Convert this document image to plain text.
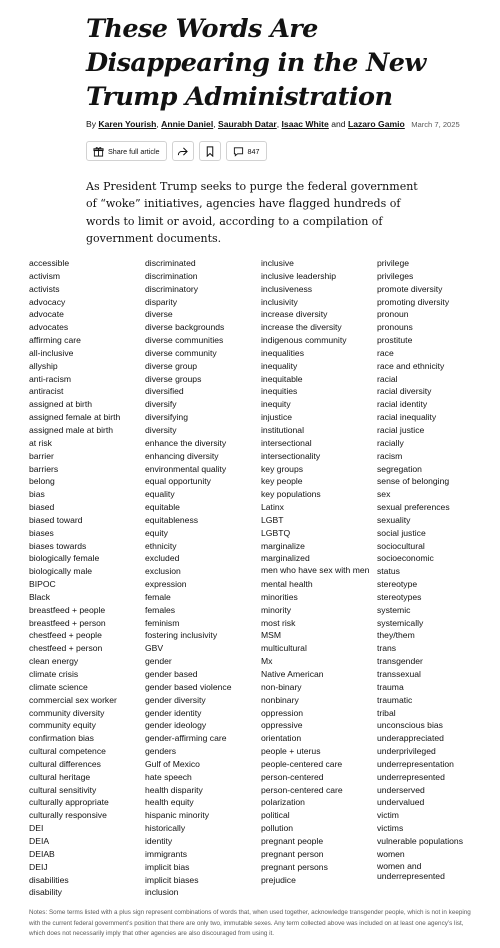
These Words Are Disappearing in the New Trump Administration
By Karen Yourish, Annie Daniel, Saurabh Datar, Isaac White and Lazaro Gamio March 7, 2025
Share full article	847

As President Trump seeks to purge the federal government of “woke” initiatives, agencies have flagged hundreds of words to limit or avoid, according to a compilation of government documents.

accessible
activism
activists
advocacy
advocate
advocates
affirming care
all-inclusive
allyship
anti-racism
antiracist
assigned at birth
assigned female at birth
assigned male at birth
at risk
barrier
barriers
belong
bias
biased
biased toward
biases
biases towards
biologically female
biologically male
BIPOC
Black
breastfeed + people
breastfeed + person
chestfeed + people
chestfeed + person
clean energy
climate crisis
climate science
commercial sex worker
community diversity
community equity
confirmation bias
cultural competence
cultural differences
cultural heritage
cultural sensitivity
culturally appropriate
culturally responsive
DEI
DEIA
DEIAB
DEIJ
disabilities
disability
discriminated
discrimination
discriminatory
disparity
diverse
diverse backgrounds
diverse communities
diverse community
diverse group
diverse groups
diversified
diversify
diversifying
diversity
enhance the diversity
enhancing diversity
environmental quality
equal opportunity
equality
equitable
equitableness
equity
ethnicity
excluded
exclusion
expression
female
females
feminism
fostering inclusivity
GBV
gender
gender based
gender based violence
gender diversity
gender identity
gender ideology
gender-affirming care
genders
Gulf of Mexico
hate speech
health disparity
health equity
hispanic minority
historically
identity
immigrants
implicit bias
implicit biases
inclusion
inclusive
inclusive leadership
inclusiveness
inclusivity
increase diversity
increase the diversity
indigenous community
inequalities
inequality
inequitable
inequities
inequity
injustice
institutional
intersectional
intersectionality
key groups
key people
key populations
Latinx
LGBT
LGBTQ
marginalize
marginalized
men who have sex with men
mental health
minorities
minority
most risk
MSM
multicultural
Mx
Native American
non-binary
nonbinary
oppression
oppressive
orientation
people + uterus
people-centered care
person-centered
person-centered care
polarization
political
pollution
pregnant people
pregnant person
pregnant persons
prejudice
privilege
privileges
promote diversity
promoting diversity
pronoun
pronouns
prostitute
race
race and ethnicity
racial
racial diversity
racial identity
racial inequality
racial justice
racially
racism
segregation
sense of belonging
sex
sexual preferences
sexuality
social justice
sociocultural
socioeconomic
status
stereotype
stereotypes
systemic
systemically
they/them
trans
transgender
transsexual
trauma
traumatic
tribal
unconscious bias
underappreciated
underprivileged
underrepresentation
underrepresented
underserved
undervalued
victim
victims
vulnerable populations
women
women and underrepresented

Notes: Some terms listed with a plus sign represent combinations of words that, when used together, acknowledge transgender people, which is not in keeping with the current federal government’s position that there are only two, immutable sexes. Any term collected above was included on at least one agency’s list, which does not necessarily imply that other agencies are also discouraged from using it.
